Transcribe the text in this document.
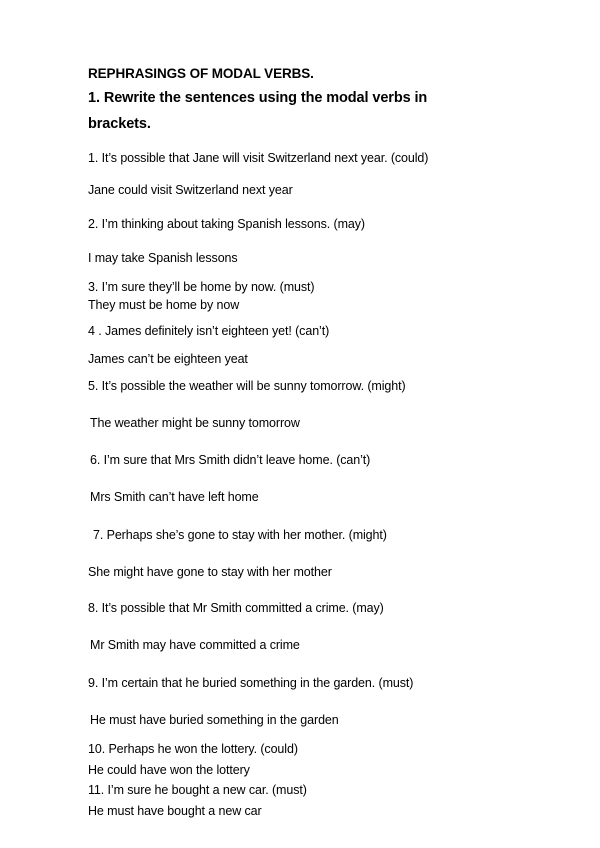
REPHRASINGS OF MODAL VERBS.
1. Rewrite the sentences using the modal verbs in
brackets.
1. It’s possible that Jane will visit Switzerland next year. (could)
Jane could visit Switzerland next year
2. I’m thinking about taking Spanish lessons. (may)
I may take Spanish lessons
3. I’m sure they’ll be home by now. (must)
They must be home by now
4 . James definitely isn’t eighteen yet! (can’t)
James can’t be eighteen yeat
5. It’s possible the weather will be sunny tomorrow. (might)
The weather might be sunny tomorrow
6. I’m sure that Mrs Smith didn’t leave home. (can’t)
Mrs Smith can’t have left home
7. Perhaps she’s gone to stay with her mother. (might)
She might have gone to stay with her mother
8. It’s possible that Mr Smith committed a crime. (may)
Mr Smith may have committed a crime
9. I’m certain that he buried something in the garden. (must)
He must have buried something in the garden
10. Perhaps he won the lottery. (could)
He could have won the lottery
11. I’m sure he bought a new car. (must)
He must have bought a new car
